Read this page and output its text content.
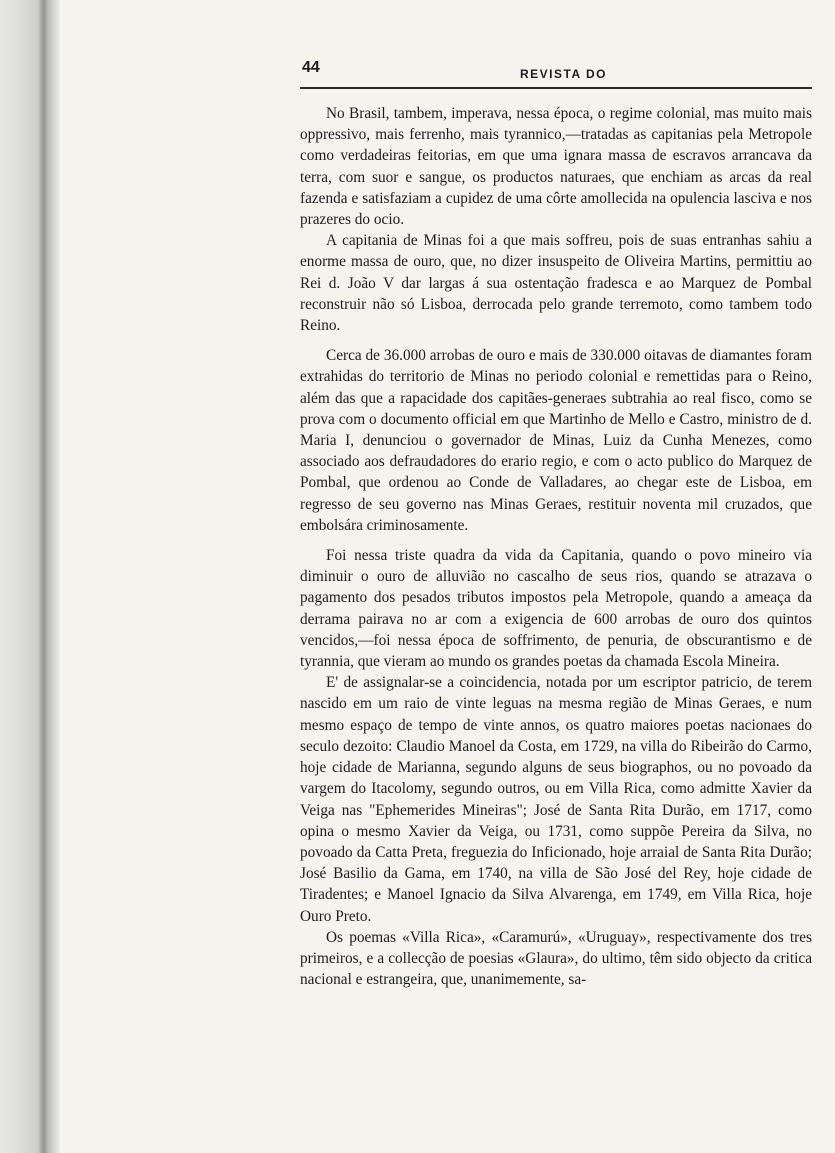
44	REVISTA DO

No Brasil, tambem, imperava, nessa época, o regime colonial, mas muito mais oppressivo, mais ferrenho, mais tyrannico,—tratadas as capitanias pela Metropole como verdadeiras feitorias, em que uma ignara massa de escravos arrancava da terra, com suor e sangue, os productos naturaes, que enchiam as arcas da real fazenda e satisfaziam a cupidez de uma côrte amollecida na opulencia lasciva e nos prazeres do ocio.

A capitania de Minas foi a que mais soffreu, pois de suas entranhas sahiu a enorme massa de ouro, que, no dizer insuspeito de Oliveira Martins, permittiu ao Rei d. João V dar largas á sua ostentação fradesca e ao Marquez de Pombal reconstruir não só Lisboa, derrocada pelo grande terremoto, como tambem todo Reino.

Cerca de 36.000 arrobas de ouro e mais de 330.000 oitavas de diamantes foram extrahidas do territorio de Minas no periodo colonial e remettidas para o Reino, além das que a rapacidade dos capitães-generaes subtrahia ao real fisco, como se prova com o documento official em que Martinho de Mello e Castro, ministro de d. Maria I, denunciou o governador de Minas, Luiz da Cunha Menezes, como associado aos defraudadores do erario regio, e com o acto publico do Marquez de Pombal, que ordenou ao Conde de Valladares, ao chegar este de Lisboa, em regresso de seu governo nas Minas Geraes, restituir noventa mil cruzados, que embolsára criminosamente.

Foi nessa triste quadra da vida da Capitania, quando o povo mineiro via diminuir o ouro de alluvião no cascalho de seus rios, quando se atrazava o pagamento dos pesados tributos impostos pela Metropole, quando a ameaça da derrama pairava no ar com a exigencia de 600 arrobas de ouro dos quintos vencidos,—foi nessa época de soffrimento, de penuria, de obscurantismo e de tyrannia, que vieram ao mundo os grandes poetas da chamada Escola Mineira.

E' de assignalar-se a coincidencia, notada por um escriptor patricio, de terem nascido em um raio de vinte leguas na mesma região de Minas Geraes, e num mesmo espaço de tempo de vinte annos, os quatro maiores poetas nacionaes do seculo dezoito: Claudio Manoel da Costa, em 1729, na villa do Ribeirão do Carmo, hoje cidade de Marianna, segundo alguns de seus biographos, ou no povoado da vargem do Itacolomy, segundo outros, ou em Villa Rica, como admitte Xavier da Veiga nas "Ephemerides Mineiras"; José de Santa Rita Durão, em 1717, como opina o mesmo Xavier da Veiga, ou 1731, como suppõe Pereira da Silva, no povoado da Catta Preta, freguezia do Inficionado, hoje arraial de Santa Rita Durão; José Basilio da Gama, em 1740, na villa de São José del Rey, hoje cidade de Tiradentes; e Manoel Ignacio da Silva Alvarenga, em 1749, em Villa Rica, hoje Ouro Preto.

Os poemas «Villa Rica», «Caramurú», «Uruguay», respectivamente dos tres primeiros, e a collecção de poesias «Glaura», do ultimo, têm sido objecto da critica nacional e estrangeira, que, unanimemente, sa-
